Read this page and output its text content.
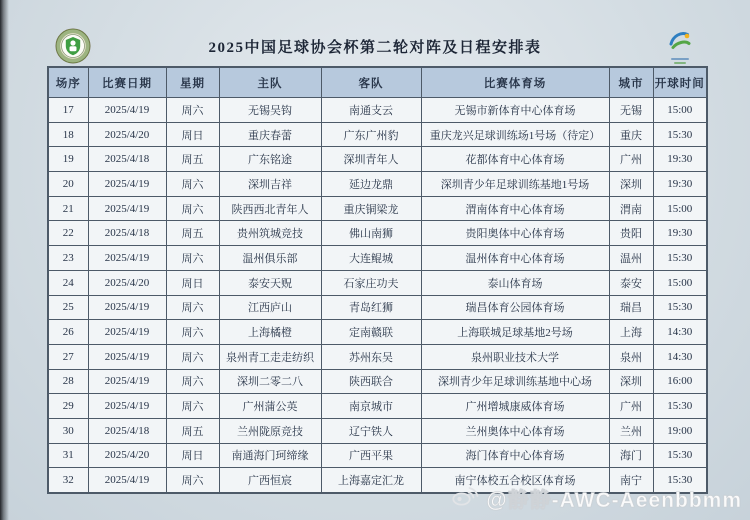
2025中国足球协会杯第二轮对阵及日程安排表
场序	比赛日期	星期	主队	客队	比赛体育场	城市	开球时间
17	2025/4/19	周六	无锡吴钩	南通支云	无锡市新体育中心体育场	无锡	15:00
18	2025/4/20	周日	重庆春蕾	广东广州豹	重庆龙兴足球训练场1号场（待定）	重庆	15:30
19	2025/4/18	周五	广东铭途	深圳青年人	花都体育中心体育场	广州	19:30
20	2025/4/19	周六	深圳吉祥	延边龙鼎	深圳青少年足球训练基地1号场	深圳	19:30
21	2025/4/19	周六	陕西西北青年人	重庆铜梁龙	渭南体育中心体育场	渭南	15:00
22	2025/4/18	周五	贵州筑城竞技	佛山南狮	贵阳奥体中心体育场	贵阳	19:30
23	2025/4/19	周六	温州俱乐部	大连鲲城	温州体育中心体育场	温州	15:30
24	2025/4/20	周日	泰安天贶	石家庄功夫	泰山体育场	泰安	15:00
25	2025/4/19	周六	江西庐山	青岛红狮	瑞昌体育公园体育场	瑞昌	15:30
26	2025/4/19	周六	上海橘橙	定南赣联	上海联城足球基地2号场	上海	14:30
27	2025/4/19	周六	泉州青工走走纺织	苏州东吴	泉州职业技术大学	泉州	14:30
28	2025/4/19	周六	深圳二零二八	陕西联合	深圳青少年足球训练基地中心场	深圳	16:00
29	2025/4/19	周六	广州蒲公英	南京城市	广州增城康威体育场	广州	15:30
30	2025/4/18	周五	兰州陇原竞技	辽宁铁人	兰州奥体中心体育场	兰州	19:00
31	2025/4/20	周日	南通海门珂缔缘	广西平果	海门体育中心体育场	海门	15:30
32	2025/4/19	周六	广西恒宸	上海嘉定汇龙	南宁体校五合校区体育场	南宁	15:30
@静静-AWC-Aeenbbmm
